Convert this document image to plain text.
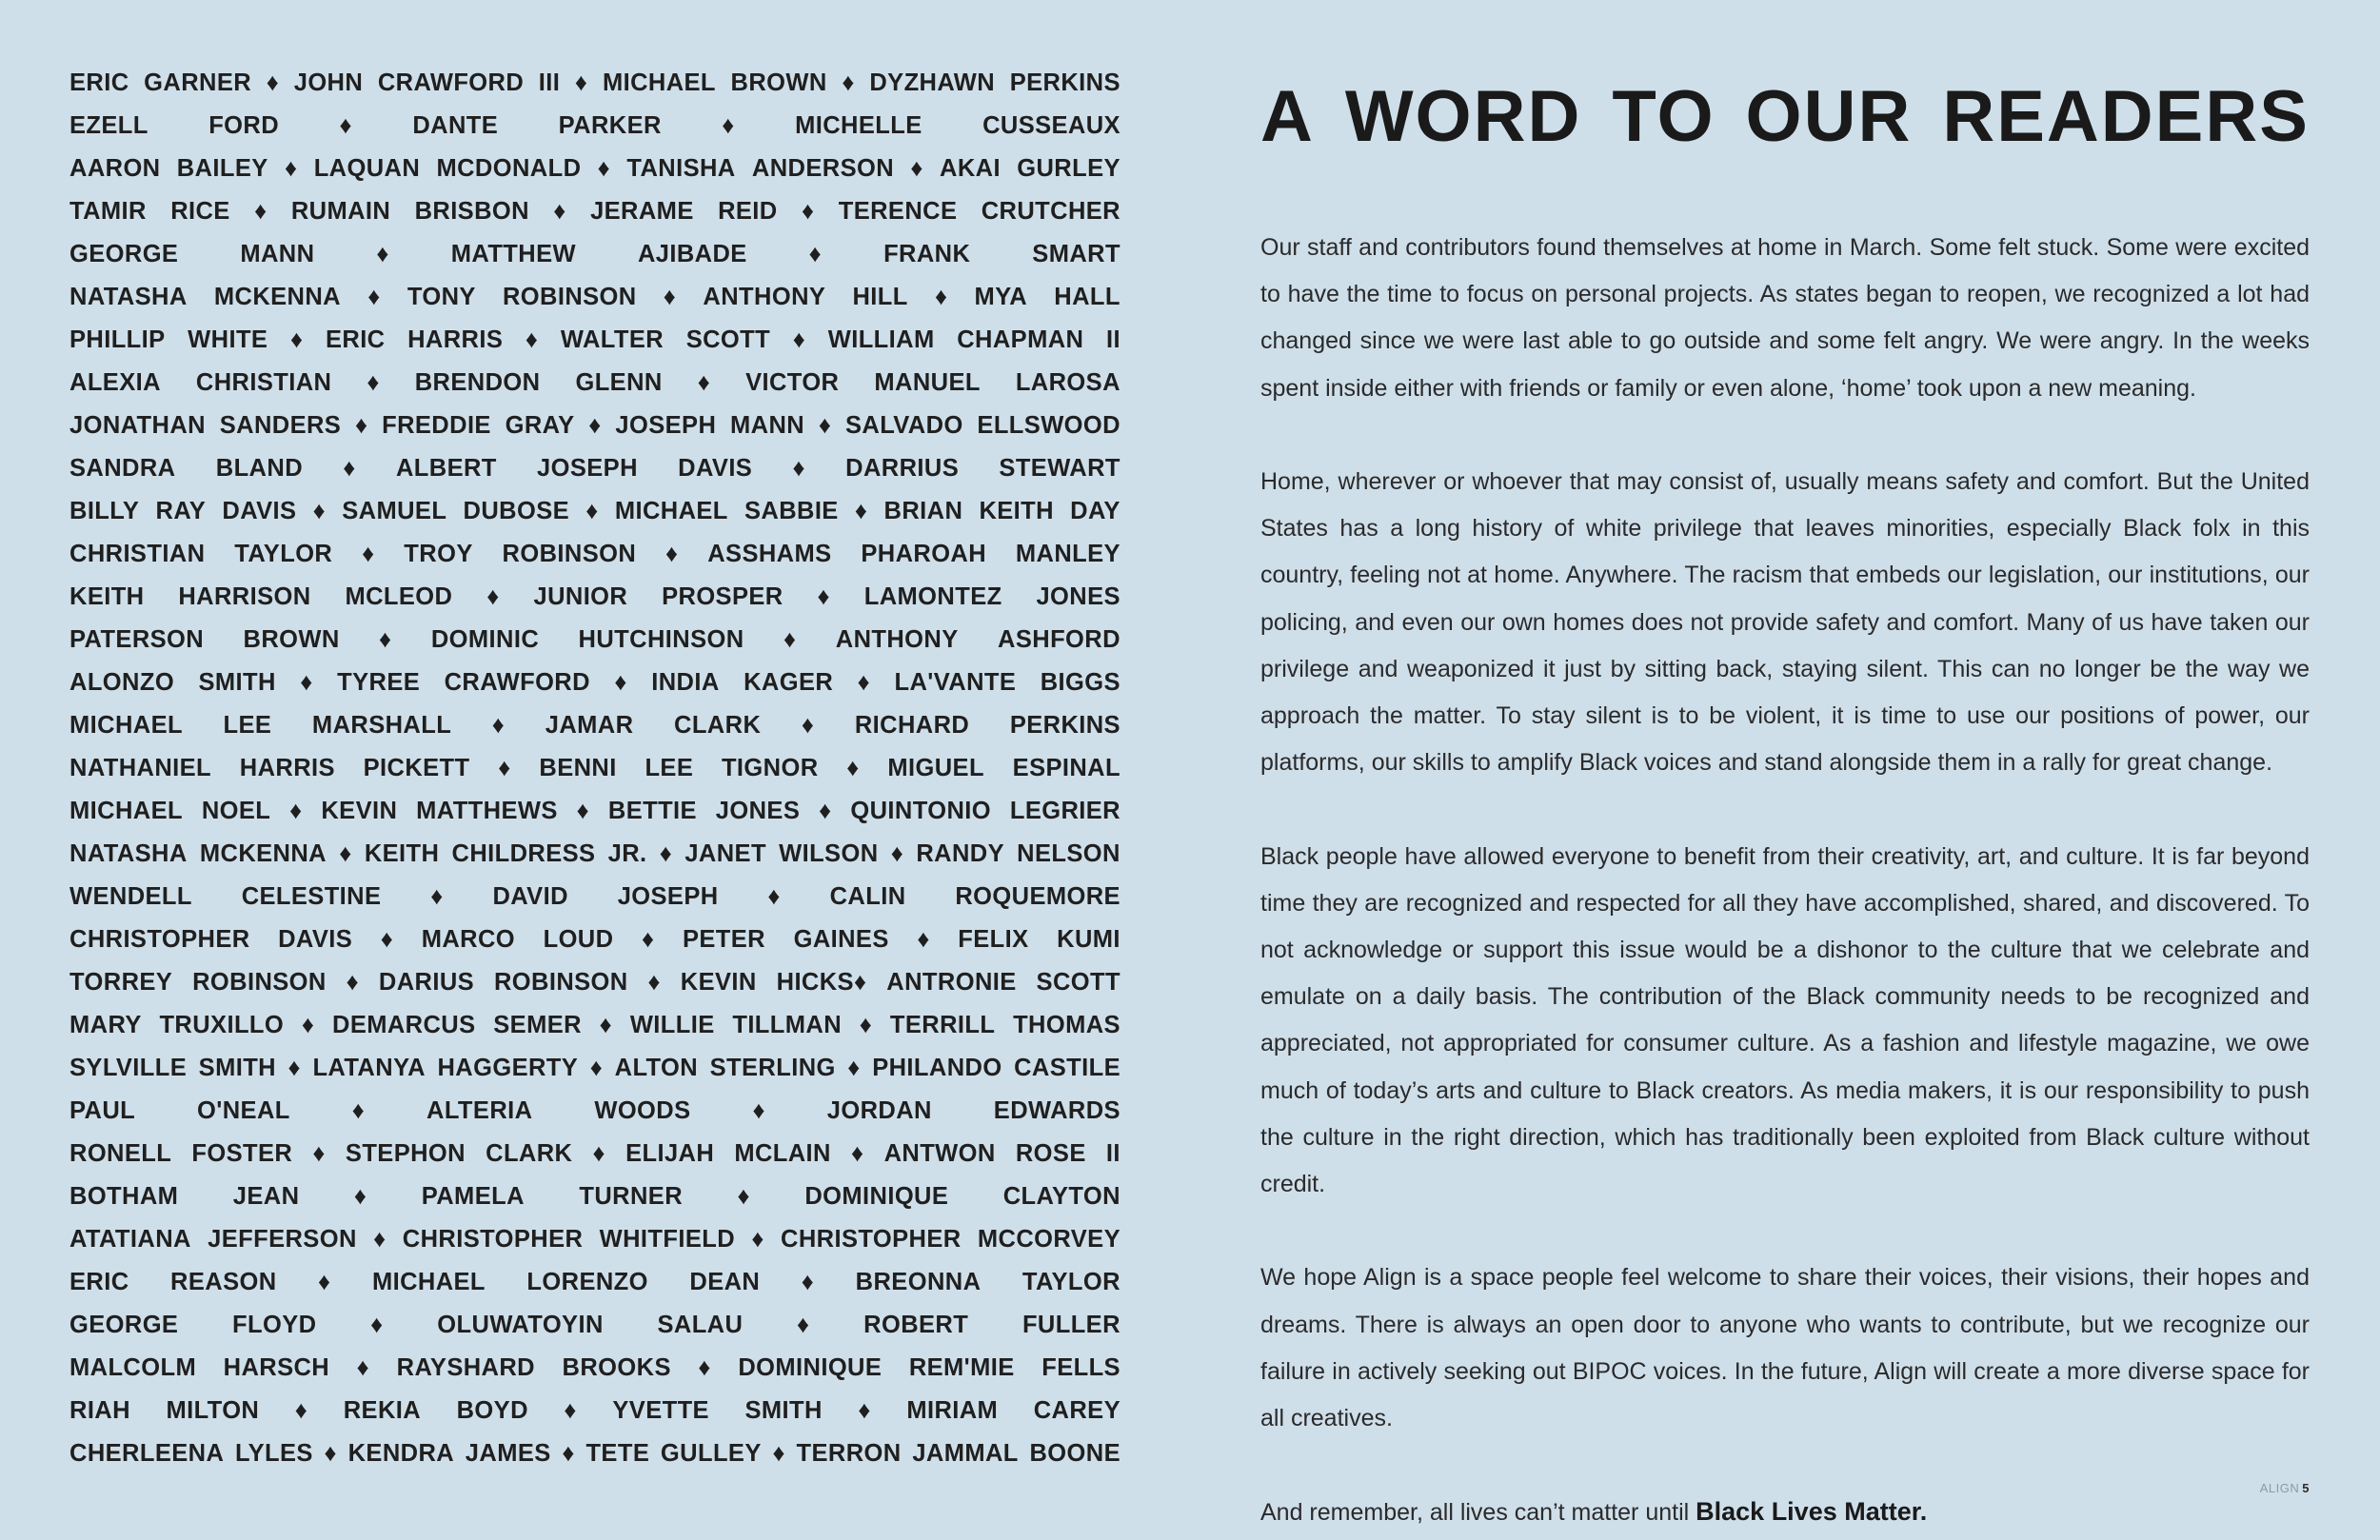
ERIC GARNER ♦ JOHN CRAWFORD III ♦ MICHAEL BROWN ♦ DYZHAWN PERKINS
EZELL FORD ♦ DANTE PARKER ♦ MICHELLE CUSSEAUX
AARON BAILEY ♦ LAQUAN MCDONALD ♦ TANISHA ANDERSON ♦ AKAI GURLEY
TAMIR RICE ♦ RUMAIN BRISBON ♦ JERAME REID ♦ TERENCE CRUTCHER
GEORGE	MANN	♦	MATTHEW	AJIBADE	♦	FRANK	SMART
NATASHA MCKENNA ♦ TONY ROBINSON ♦ ANTHONY HILL ♦ MYA HALL
PHILLIP WHITE ♦ ERIC HARRIS ♦ WALTER SCOTT ♦ WILLIAM CHAPMAN II
ALEXIA CHRISTIAN ♦ BRENDON GLENN ♦ VICTOR MANUEL LAROSA
JONATHAN SANDERS ♦ FREDDIE GRAY ♦ JOSEPH MANN ♦ SALVADO ELLSWOOD
SANDRA BLAND ♦ ALBERT JOSEPH DAVIS ♦ DARRIUS STEWART
BILLY RAY DAVIS ♦ SAMUEL DUBOSE ♦ MICHAEL SABBIE ♦ BRIAN KEITH DAY
CHRISTIAN TAYLOR ♦ TROY ROBINSON ♦ ASSHAMS PHAROAH MANLEY
KEITH HARRISON MCLEOD ♦ JUNIOR PROSPER ♦ LAMONTEZ JONES
PATERSON BROWN ♦ DOMINIC HUTCHINSON ♦ ANTHONY ASHFORD
ALONZO SMITH ♦ TYREE CRAWFORD ♦ INDIA KAGER ♦ LA'VANTE BIGGS
MICHAEL LEE MARSHALL ♦ JAMAR CLARK ♦ RICHARD PERKINS
NATHANIEL HARRIS PICKETT ♦ BENNI LEE TIGNOR ♦ MIGUEL ESPINAL
MICHAEL NOEL ♦ KEVIN MATTHEWS ♦ BETTIE JONES ♦ QUINTONIO LEGRIER
NATASHA MCKENNA ♦ KEITH CHILDRESS JR. ♦ JANET WILSON ♦ RANDY NELSON
WENDELL CELESTINE ♦ DAVID JOSEPH ♦ CALIN ROQUEMORE
CHRISTOPHER DAVIS ♦ MARCO LOUD ♦ PETER GAINES ♦ FELIX KUMI
TORREY ROBINSON ♦ DARIUS ROBINSON ♦ KEVIN HICKS♦ ANTRONIE SCOTT
MARY TRUXILLO ♦ DEMARCUS SEMER ♦ WILLIE TILLMAN ♦ TERRILL THOMAS
SYLVILLE SMITH ♦ LATANYA HAGGERTY ♦ ALTON STERLING ♦ PHILANDO CASTILE
PAUL	O'NEAL	♦	ALTERIA	WOODS	♦	JORDAN	EDWARDS
RONELL FOSTER ♦ STEPHON CLARK ♦ ELIJAH MCLAIN ♦ ANTWON ROSE II
BOTHAM JEAN ♦ PAMELA TURNER ♦ DOMINIQUE CLAYTON
ATATIANA JEFFERSON ♦ CHRISTOPHER WHITFIELD ♦ CHRISTOPHER MCCORVEY
ERIC REASON ♦ MICHAEL LORENZO DEAN ♦ BREONNA TAYLOR
GEORGE FLOYD ♦ OLUWATOYIN SALAU ♦ ROBERT FULLER
MALCOLM HARSCH ♦ RAYSHARD BROOKS ♦ DOMINIQUE REM'MIE FELLS
RIAH MILTON ♦ REKIA BOYD ♦ YVETTE SMITH ♦ MIRIAM CAREY
CHERLEENA LYLES ♦ KENDRA JAMES ♦ TETE GULLEY ♦ TERRON JAMMAL BOONE
A WORD TO OUR READERS

Our staff and contributors found themselves at home in March. Some felt stuck. Some were excited to have the time to focus on personal projects. As states began to reopen, we recognized a lot had changed since we were last able to go outside and some felt angry. We were angry. In the weeks spent inside either with friends or family or even alone, ‘home’ took upon a new meaning.

Home, wherever or whoever that may consist of, usually means safety and comfort. But the United States has a long history of white privilege that leaves minorities, especially Black folx in this country, feeling not at home. Anywhere. The racism that embeds our legislation, our institutions, our policing, and even our own homes does not provide safety and comfort. Many of us have taken our privilege and weaponized it just by sitting back, staying silent. This can no longer be the way we approach the matter. To stay silent is to be violent, it is time to use our positions of power, our platforms, our skills to amplify Black voices and stand alongside them in a rally for great change.

Black people have allowed everyone to benefit from their creativity, art, and culture. It is far beyond time they are recognized and respected for all they have accomplished, shared, and discovered. To not acknowledge or support this issue would be a dishonor to the culture that we celebrate and emulate on a daily basis. The contribution of the Black community needs to be recognized and appreciated, not appropriated for consumer culture. As a fashion and lifestyle magazine, we owe much of today’s arts and culture to Black creators. As media makers, it is our responsibility to push the culture in the right direction, which has traditionally been exploited from Black culture without credit.

We hope Align is a space people feel welcome to share their voices, their visions, their hopes and dreams. There is always an open door to anyone who wants to contribute, but we recognize our failure in actively seeking out BIPOC voices. In the future, Align will create a more diverse space for all creatives.

And remember, all lives can’t matter until Black Lives Matter.

ALIGN 5
